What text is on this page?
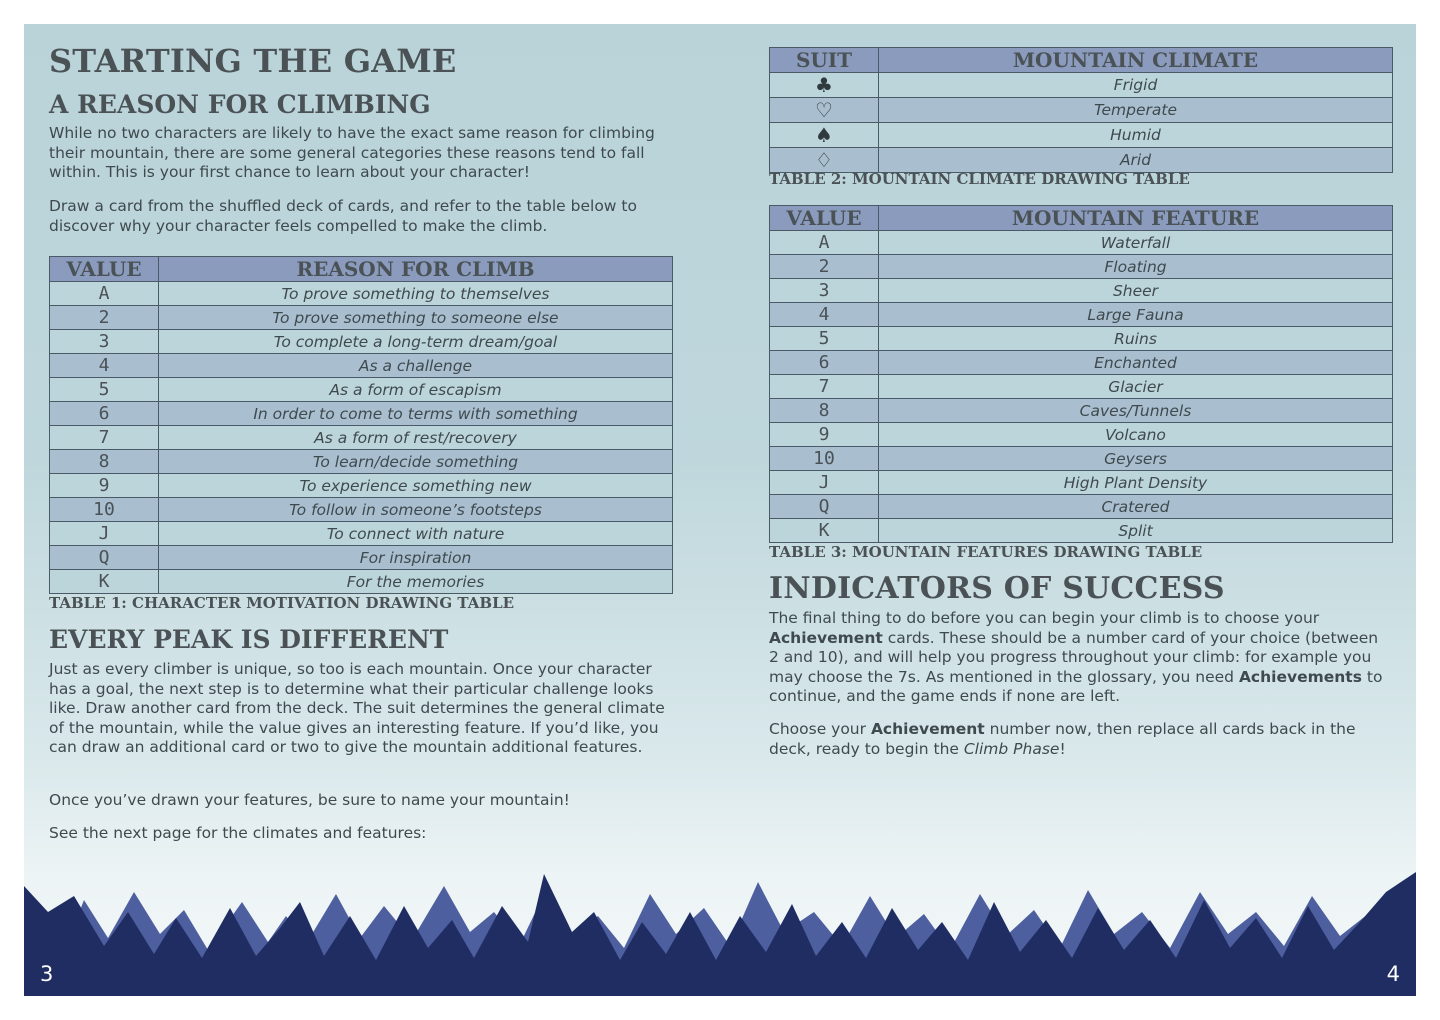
STARTING THE GAME
A REASON FOR CLIMBING

While no two characters are likely to have the exact same reason for climbing their mountain, there are some general categories these reasons tend to fall within. This is your first chance to learn about your character!

Draw a card from the shuffled deck of cards, and refer to the table below to discover why your character feels compelled to make the climb.

VALUE	REASON FOR CLIMB
A	To prove something to themselves
2	To prove something to someone else
3	To complete a long-term dream/goal
4	As a challenge
5	As a form of escapism
6	In order to come to terms with something
7	As a form of rest/recovery
8	To learn/decide something
9	To experience something new
10	To follow in someone’s footsteps
J	To connect with nature
Q	For inspiration
K	For the memories
TABLE 1: CHARACTER MOTIVATION DRAWING TABLE
EVERY PEAK IS DIFFERENT

Just as every climber is unique, so too is each mountain. Once your character has a goal, the next step is to determine what their particular challenge looks like. Draw another card from the deck. The suit determines the general climate of the mountain, while the value gives an interesting feature. If you’d like, you can draw an additional card or two to give the mountain additional features.

Once you’ve drawn your features, be sure to name your mountain!

See the next page for the climates and features:

SUIT	MOUNTAIN CLIMATE
♣	Frigid
♡	Temperate
♠	Humid
♢	Arid
TABLE 2: MOUNTAIN CLIMATE DRAWING TABLE
VALUE	MOUNTAIN FEATURE
A	Waterfall
2	Floating
3	Sheer
4	Large Fauna
5	Ruins
6	Enchanted
7	Glacier
8	Caves/Tunnels
9	Volcano
10	Geysers
J	High Plant Density
Q	Cratered
K	Split
TABLE 3: MOUNTAIN FEATURES DRAWING TABLE
INDICATORS OF SUCCESS

The final thing to do before you can begin your climb is to choose your Achievement cards. These should be a number card of your choice (between 2 and 10), and will help you progress throughout your climb: for example you may choose the 7s. As mentioned in the glossary, you need Achievements to continue, and the game ends if none are left.

Choose your Achievement number now, then replace all cards back in the deck, ready to begin the Climb Phase!

3	4
